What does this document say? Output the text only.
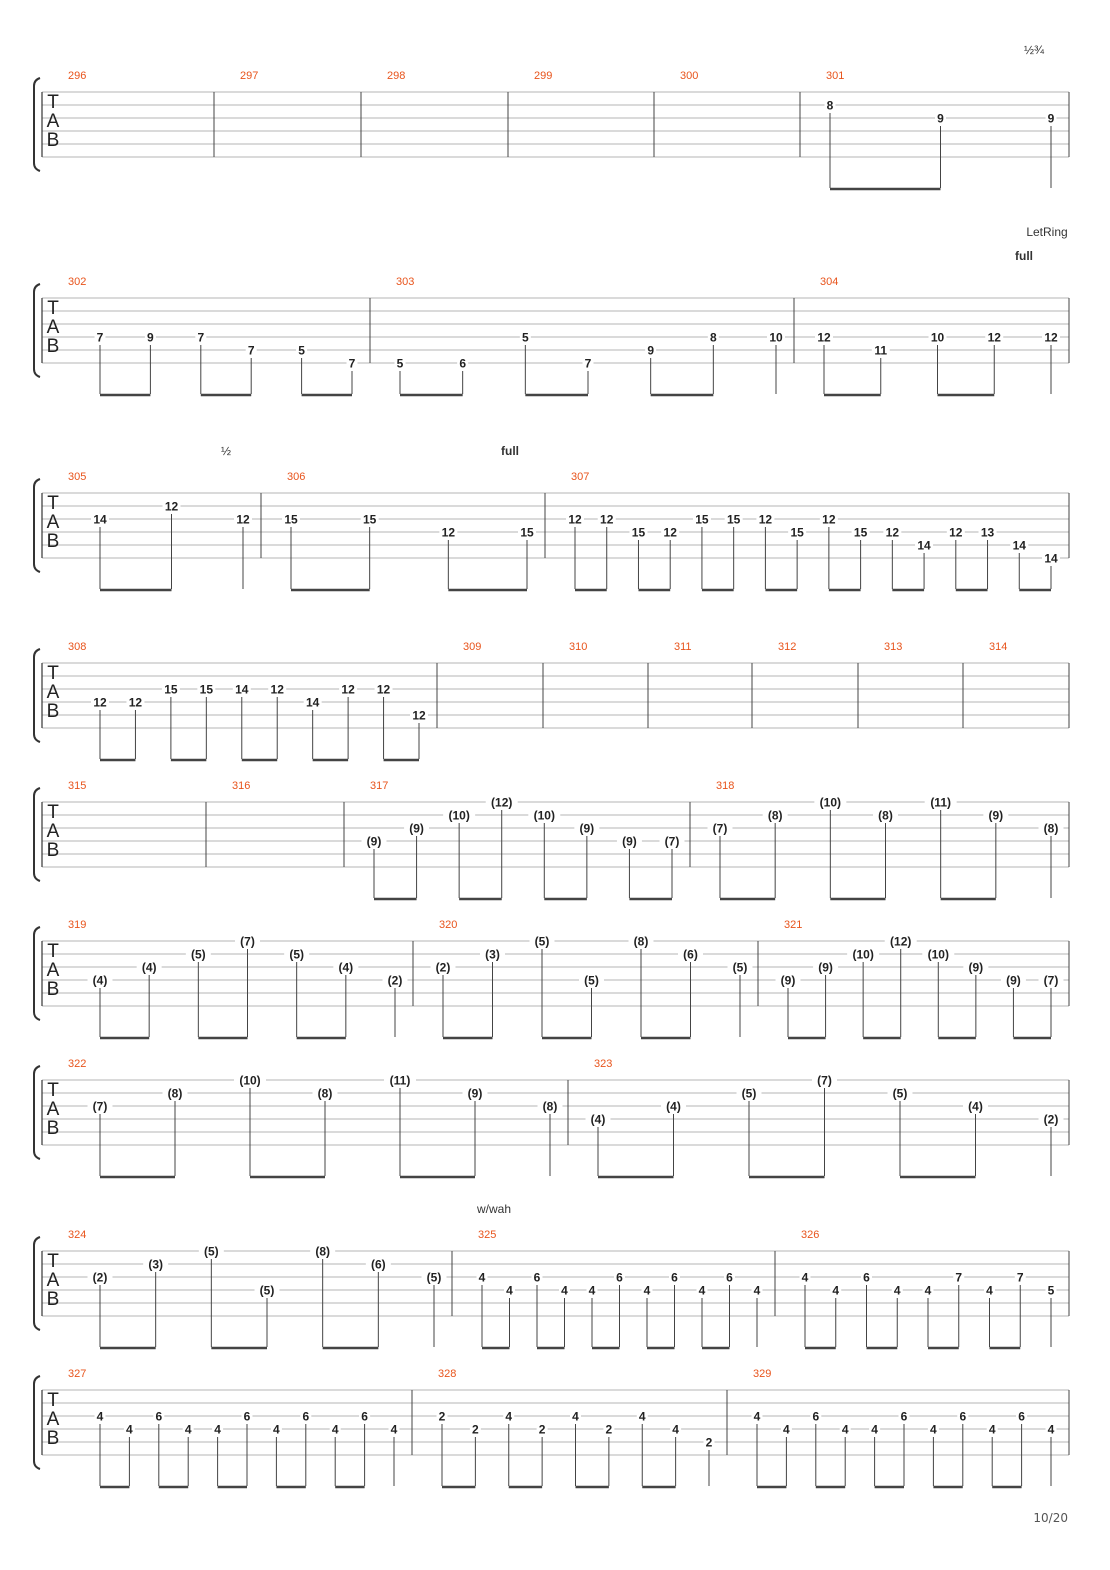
T
A
B
296	297	298	299	300	301
8
9	9
½¾
T
A
B
302
7	9	7
7	5
7
303
5	6
5
7
9
8	10
304
12
11
10	12	12
LetRing
full
T
A
B
305
14
12
12
½
306
15	15
12	15
full
307
12 12
15 12
15 15 12
15
12
15 12
14
12 13
14
14
T
A
B
308
12 12
15 15 14 12
14
12 12
12
309	310	311	312	313	314
T
A
B
315	316	317
(9)
(9)
(10)
(12)
(10)
(9)
(9) (7)
318
(7)
(8)
(10)
(8)
(11)
(9)
(8)
T
A
B
319
(4)
(4)
(5)
(7)
(5)
(4)
(2)
320
(2)
(3)
(5)
(5)
(8)
(6)
(5)
321
(9)
(9)
(10)
(12)
(10)
(9)
(9) (7)
T
A
B
322
(7)
(8)
(10)
(8)
(11)
(9)
(8)
323
(4)
(4)
(5)
(7)
(5)
(4)
(2)
T
A
B
324
(2)
(3)
(5)
(5)
(8)
(6)
(5)
325
4
4
6
4 4
6
4
6
4
6
4
w/wah
326
4
4
6
4 4
7
4
7
5
T
A
B
327
4
4
6
4 4
6
4
6
4
6
4
328
2
2
4
2
4
2
4
4
2
329
4
4
6
4 4
6
4
6
4
6
4
10/20
